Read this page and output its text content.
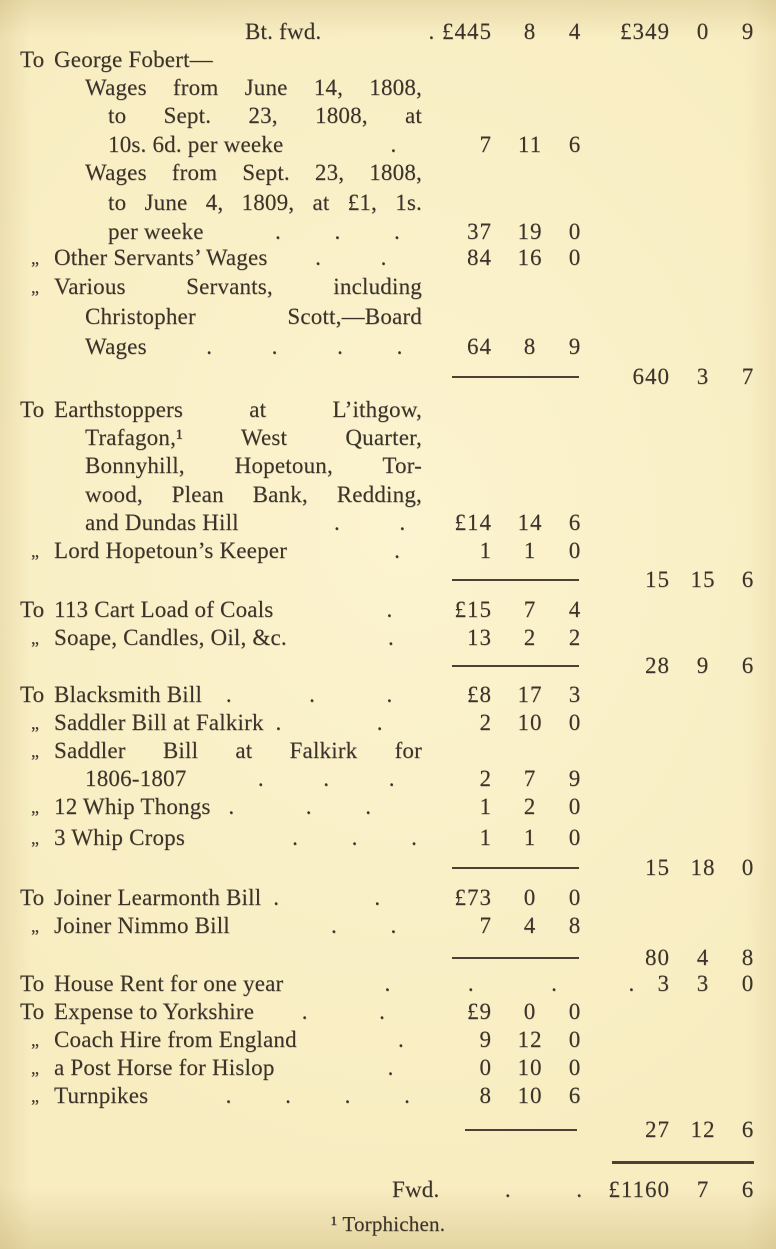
Bt. fwd.                  . £445	8	4	£349	0	9
To George Fobert—
Wages from June 14, 1808,
to Sept. 23, 1808, at
10s. 6d. per weeke                  .	7	11	6
Wages from Sept. 23, 1808,
to June 4, 1809, at £1, 1s.
per weeke            .         .         .	37	19	0
„ Other Servants’ Wages        .          .	84	16	0
„ Various Servants, including
Christopher Scott,—Board
Wages          .          .          .         .	64	8	9
640	3	7
To Earthstoppers at L’ithgow,
Trafagon,¹ West Quarter,
Bonnyhill, Hopetoun, Tor-
wood, Plean Bank, Redding,
and Dundas Hill                .          .	£14	14	6
„ Lord Hopetoun’s Keeper                  .	1	1	0
15 15	6
To 113 Cart Load of Coals                   .	£15	7	4
„ Soape, Candles, Oil, &c.                 .	13	2	2
28	9	6
To Blacksmith Bill    .             .            .	£8	17	3
„ Saddler Bill at Falkirk  .                .	2	10	0
„ Saddler Bill at Falkirk for
1806-1807            .          .          .	2	7	9
„ 12 Whip Thongs   .            .         .	1	2	0
„ 3 Whip Crops                  .         .         .	1	1	0
15 18	0
To Joiner Learmonth Bill  .                .	£73	0	0
„ Joiner Nimmo Bill                 .         .	7	4	8
80	4	8
To House Rent for one year                 .             .             .            .	3	3	0
To Expense to Yorkshire        .            .	£9	0	0
„ Coach Hire from England                 .	9	12	0
„ a Post Horse for Hislop                   .	0	10	0
„ Turnpikes             .         .         .         .	8	10	6
27 12	6
Fwd.           .           .	£1160	7	6
¹ Torphichen.
